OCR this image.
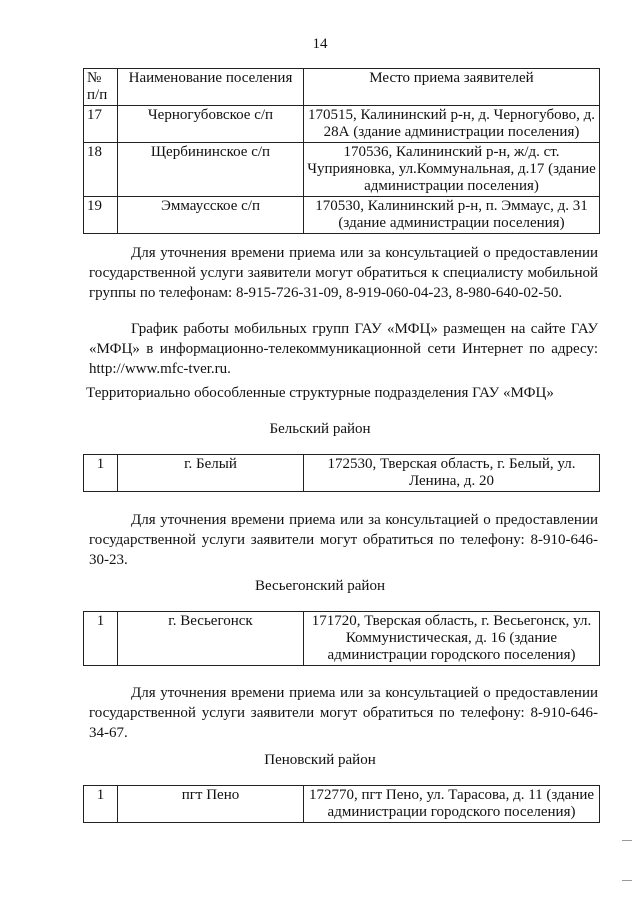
14
№ п/п	Наименование поселения	Место приема заявителей
17	Черногубовское с/п	170515, Калининский р-н, д. Черногубово, д. 28А (здание администрации поселения)
18	Щербининское с/п	170536, Калининский р-н, ж/д. ст. Чуприяновка, ул.Коммунальная, д.17 (здание администрации поселения)
19	Эммаусское с/п	170530, Калининский р-н, п. Эммаус, д. 31 (здание администрации поселения)

Для уточнения времени приема или за консультацией о предоставлении государственной услуги заявители могут обратиться к специалисту мобильной группы по телефонам: 8-915-726-31-09, 8-919-060-04-23, 8-980-640-02-50.

График работы мобильных групп ГАУ «МФЦ» размещен на сайте ГАУ «МФЦ» в информационно-телекоммуникационной сети Интернет по адресу: http://www.mfc-tver.ru.

Территориально обособленные структурные подразделения ГАУ «МФЦ»

Бельский район

1	г. Белый	172530, Тверская область, г. Белый, ул. Ленина, д. 20

Для уточнения времени приема или за консультацией о предоставлении государственной услуги заявители могут обратиться по телефону: 8-910-646-30-23.

Весьегонский район

1	г. Весьегонск	171720, Тверская область, г. Весьегонск, ул. Коммунистическая, д. 16 (здание администрации городского поселения)

Для уточнения времени приема или за консультацией о предоставлении государственной услуги заявители могут обратиться по телефону: 8-910-646-34-67.

Пеновский район

1	пгт Пено	172770, пгт Пено, ул. Тарасова, д. 11 (здание администрации городского поселения)
